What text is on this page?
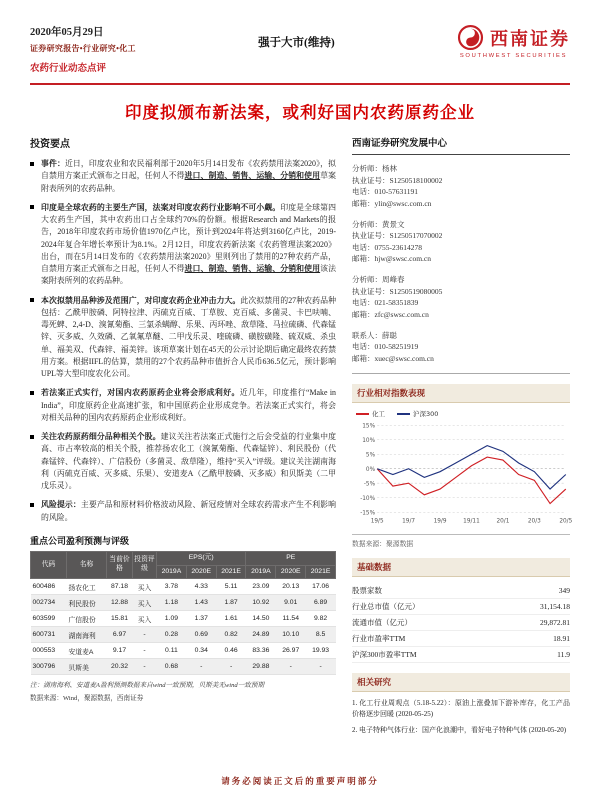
2020年05月29日
证券研究报告•行业研究•化工
农药行业动态点评
强于大市(维持)	西南证券
SOUTHWEST SECURITIES
印度拟颁布新法案，或利好国内农药原药企业
投资要点
事件：近日，印度农业和农民福利部于2020年5月14日发布《农药禁用法案2020》，拟自禁用方案正式颁布之日起，任何人不得进口、制造、销售、运输、分销和使用草案附表所列的农药品种。
印度是全球农药的主要生产国，法案对印度农药行业影响不可小觑。印度是全球第四大农药生产国，其中农药出口占全球约70%的份额。根据Research and Markets的报告，2018年印度农药市场价值1970亿卢比，预计到2024年将达到3160亿卢比，2019-2024年复合年增长率预计为8.1%。2月12日，印度农药新法案《农药管理法案2020》出台，而在5月14日发布的《农药禁用法案2020》里则列出了禁用的27种农药产品，自禁用方案正式颁布之日起，任何人不得进口、制造、销售、运输、分销和使用该法案附表所列的农药品种。
本次拟禁用品种涉及范围广，对印度农药企业冲击力大。此次拟禁用的27种农药品种包括：乙酰甲胺磷、阿特拉津、丙硫克百威、丁草胺、克百威、多菌灵、卡巴呋喃、毒死蜱、2,4-D、溴氰菊酯、三氯杀螨醇、乐果、丙环唑、敌草隆、马拉硫磷、代森锰锌、灭多威、久效磷、乙氧氟草醚、二甲戊乐灵、喹硫磷、磺胺磺隆、硫双威、杀虫单、福美双、代森锌、福美锌。该项草案计划在45天的公示讨论期后确定最终农药禁用方案。根据IIFL的估算，禁用的27个农药品种市值折合人民币636.5亿元，预计影响UPL等大型印度农化公司。
若法案正式实行，对国内农药原药企业将会形成利好。近几年，印度推行“Make in India”，印度原药企业高速扩张，和中国原药企业形成竞争。若法案正式实行，将会对相关品种的国内农药原药企业形成利好。
关注农药原药细分品种相关个股。建议关注若法案正式施行之后会受益的行业集中度高、市占率较高的相关个股，推荐扬农化工（溴氰菊酯、代森锰锌）、利民股份（代森锰锌、代森锌）、广信股份（多菌灵、敌草隆），维持“买入”评级。建议关注湖南海利（丙硫克百威、灭多威、乐果）、安道麦A（乙酰甲胺磷、灭多威）和贝斯美（二甲戊乐灵）。
风险提示：主要产品和原材料价格波动风险、新冠疫情对全球农药需求产生不利影响的风险。
重点公司盈利预测与评级
代码	名称	当前价格	投资评级	EPS(元)			PE		
				2019A	2020E	2021E	2019A	2020E	2021E
600486	扬农化工	87.18	买入	3.78	4.33	5.11	23.09	20.13	17.06
002734	利民股份	12.88	买入	1.18	1.43	1.87	10.92	9.01	6.89
603599	广信股份	15.81	买入	1.09	1.37	1.61	14.50	11.54	9.82
600731	湖南海利	6.97	-	0.28	0.69	0.82	24.89	10.10	8.5
000553	安道麦A	9.17	-	0.11	0.34	0.46	83.36	26.97	19.93
300796	贝斯美	20.32	-	0.68	-	-	29.88	-	-
注：湖南海利、安道麦A盈利预测数据来自wind一致预期，贝斯美无wind一致预期
数据来源：Wind，聚源数据，西南证券
西南证券研究发展中心
分析师：杨林
执业证号：S1250518100002
电话：010-57631191
邮箱：ylin@swsc.com.cn
分析师：黄景文
执业证号：S1250517070002
电话：0755-23614278
邮箱：hjw@swsc.com.cn
分析师：周峰春
执业证号：S1250519080005
电话：021-58351839
邮箱：zfc@swsc.com.cn
联系人：薛聪
电话：010-58251919
邮箱：xuec@swsc.com.cn
行业相对指数表现
化工	沪深300
15%
10%
5%
0%
-5%
-10%
-15%
19/5	19/7	19/9	19/11	20/1	20/3	20/5
数据来源：聚源数据
基础数据
股票家数	349
行业总市值（亿元）	31,154.18
流通市值（亿元）	29,872.81
行业市盈率TTM	18.91
沪深300市盈率TTM	11.9
相关研究
1. 化工行业周观点（5.18-5.22）：原油上涨叠加下游补库存，化工产品价格逐步回暖 (2020-05-25)
2. 电子特种气体行业：国产化浪潮中，看好电子特种气体 (2020-05-20)
请务必阅读正文后的重要声明部分
